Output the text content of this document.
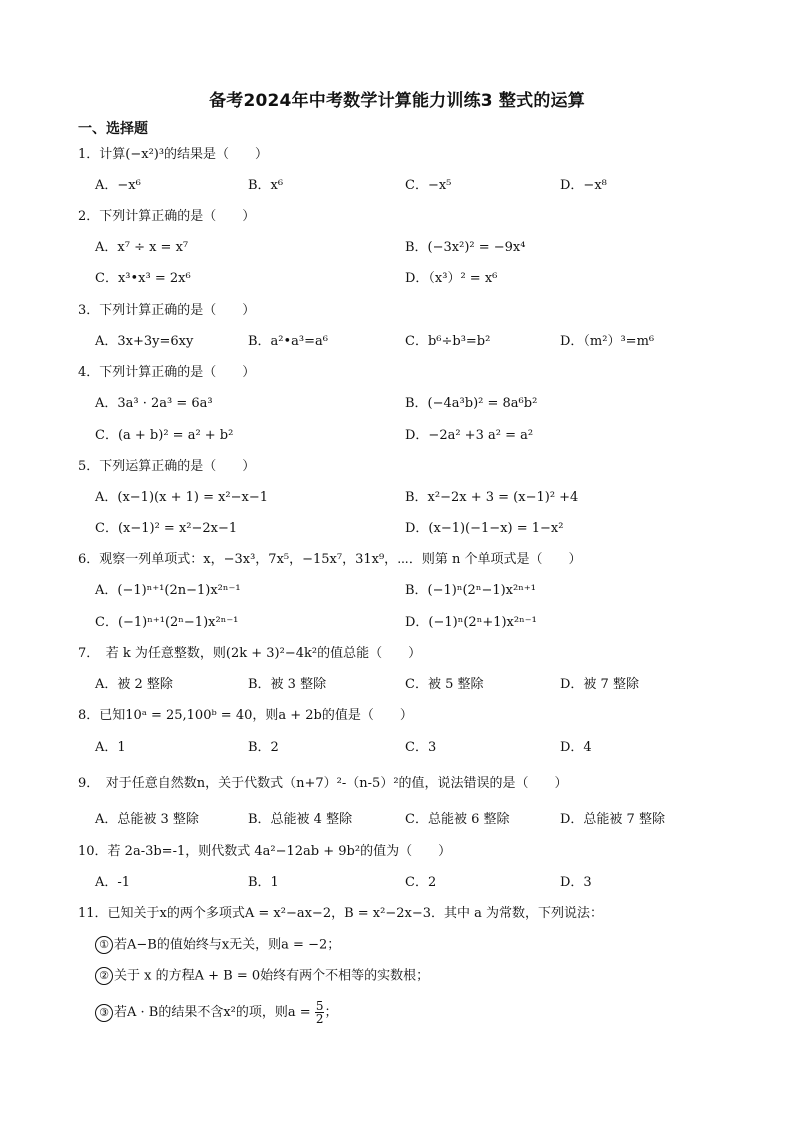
备考2024年中考数学计算能力训练3 整式的运算
一、选择题
1．计算(−x²)³的结果是（　　）
A．−x⁶	B．x⁶	C．−x⁵	D．−x⁸
2．下列计算正确的是（　　）
A．x⁷ ÷ x = x⁷	B．(−3x²)² = −9x⁴
C．x³•x³ = 2x⁶	D．（x³）² = x⁶
3．下列计算正确的是（　　）
A．3x+3y=6xy	B．a²•a³=a⁶	C．b⁶÷b³=b²	D．（m²）³=m⁶
4．下列计算正确的是（　　）
A．3a³ · 2a³ = 6a³	B．(−4a³b)² = 8a⁶b²
C．(a + b)² = a² + b²	D．−2a² +3 a² = a²
5．下列运算正确的是（　　）
A．(x−1)(x + 1) = x²−x−1	B．x²−2x + 3 = (x−1)² +4
C．(x−1)² = x²−2x−1	D．(x−1)(−1−x) = 1−x²
6．观察一列单项式：x，−3x³，7x⁵，−15x⁷，31x⁹，⋯．则第 n 个单项式是（　　）
A．(−1)ⁿ⁺¹(2n−1)x²ⁿ⁻¹	B．(−1)ⁿ(2ⁿ−1)x²ⁿ⁺¹
C．(−1)ⁿ⁺¹(2ⁿ−1)x²ⁿ⁻¹	D．(−1)ⁿ(2ⁿ+1)x²ⁿ⁻¹
7．　若 k 为任意整数，则(2k + 3)²−4k²的值总能（　　）
A．被 2 整除	B．被 3 整除	C．被 5 整除	D．被 7 整除
8．已知10ᵃ = 25,100ᵇ = 40，则a + 2b的值是（　　）
A．1	B．2	C．3	D．4
9．　对于任意自然数n，关于代数式（n+7）²-（n-5）²的值，说法错误的是（　　）
A．总能被 3 整除	B．总能被 4 整除	C．总能被 6 整除	D．总能被 7 整除
10．若 2a-3b=-1，则代数式 4a²−12ab + 9b²的值为（　　）
A．-1	B．1	C．2	D．3
11．已知关于x的两个多项式A = x²−ax−2，B = x²−2x−3．其中 a 为常数，下列说法：
① 若A−B的值始终与x无关，则a = −2；
② 关于 x 的方程A + B = 0始终有两个不相等的实数根；
③ 若A · B的结果不含x²的项，则$a = \frac{5}{2}$ ；
